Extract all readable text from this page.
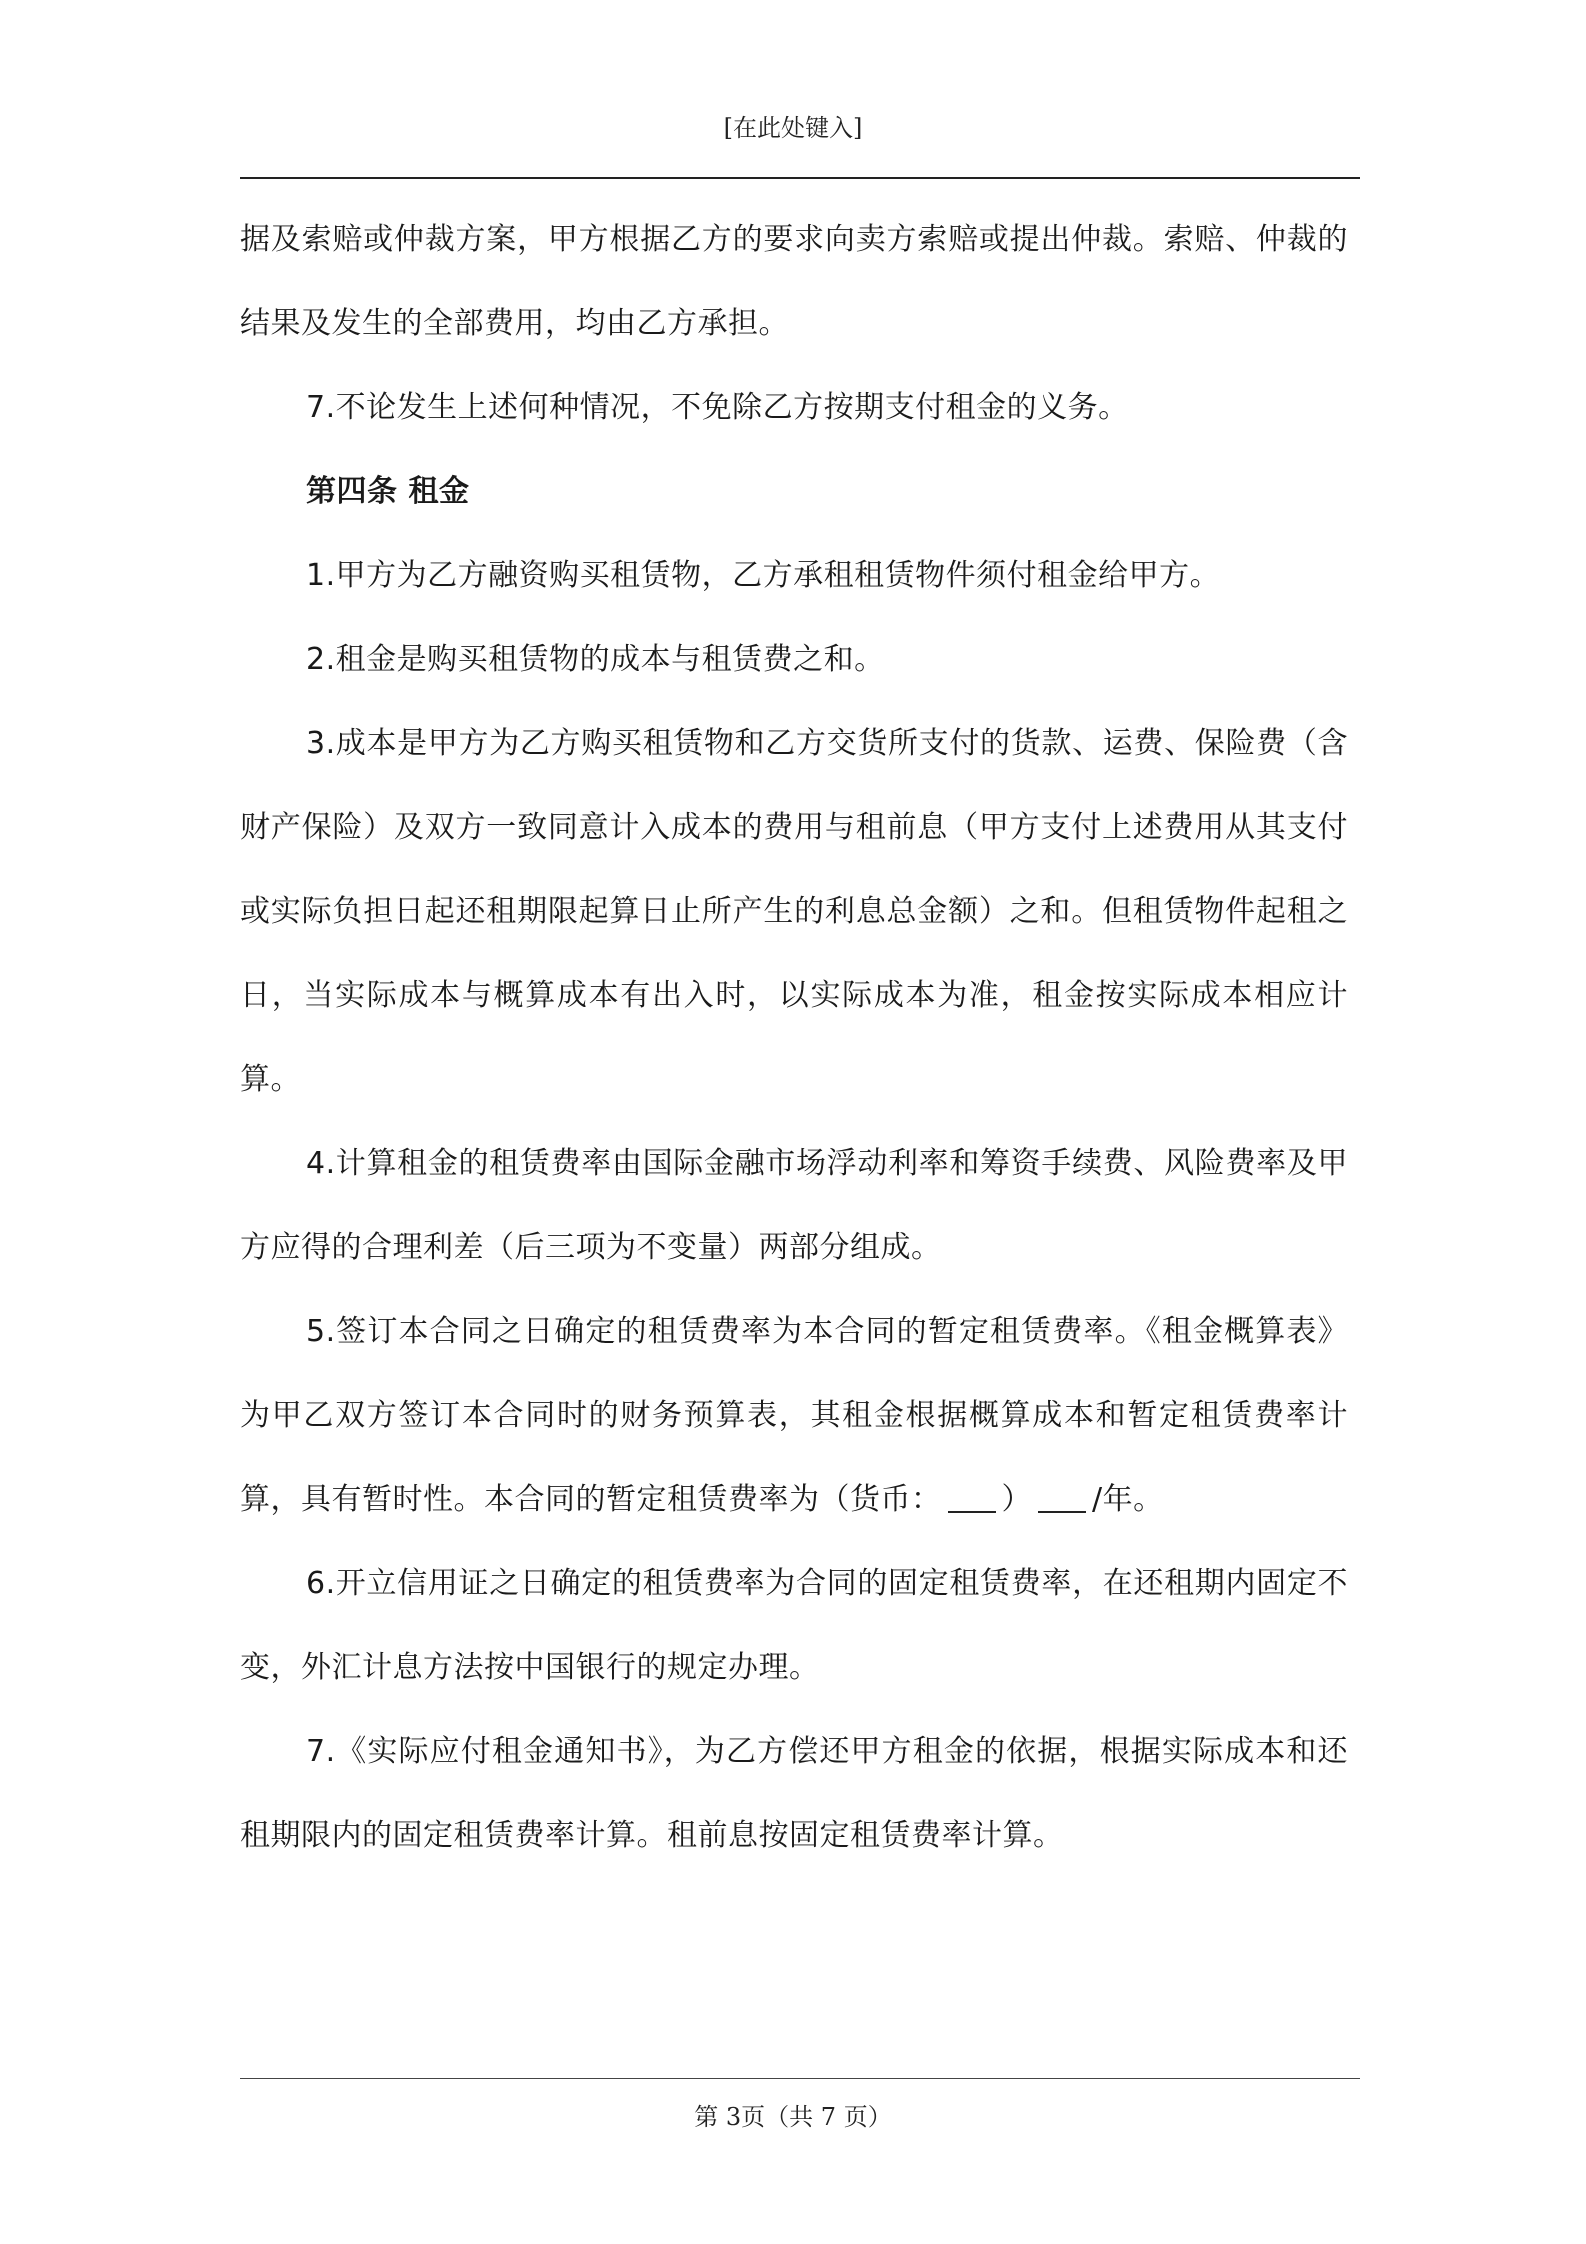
[在此处键入]

据及索赔或仲裁方案，甲方根据乙方的要求向卖方索赔或提出仲裁。索赔、仲裁的结果及发生的全部费用，均由乙方承担。

7.不论发生上述何种情况，不免除乙方按期支付租金的义务。

第四条 租金

1.甲方为乙方融资购买租赁物，乙方承租租赁物件须付租金给甲方。

2.租金是购买租赁物的成本与租赁费之和。

3.成本是甲方为乙方购买租赁物和乙方交货所支付的货款、运费、保险费（含财产保险）及双方一致同意计入成本的费用与租前息（甲方支付上述费用从其支付或实际负担日起还租期限起算日止所产生的利息总金额）之和。但租赁物件起租之日，当实际成本与概算成本有出入时，以实际成本为准，租金按实际成本相应计算。

4.计算租金的租赁费率由国际金融市场浮动利率和筹资手续费、风险费率及甲方应得的合理利差（后三项为不变量）两部分组成。

5.签订本合同之日确定的租赁费率为本合同的暂定租赁费率。《租金概算表》为甲乙双方签订本合同时的财务预算表，其租金根据概算成本和暂定租赁费率计算，具有暂时性。本合同的暂定租赁费率为（货币： ） /年。

6.开立信用证之日确定的租赁费率为合同的固定租赁费率，在还租期内固定不变，外汇计息方法按中国银行的规定办理。

7.《实际应付租金通知书》，为乙方偿还甲方租金的依据，根据实际成本和还租期限内的固定租赁费率计算。租前息按固定租赁费率计算。

第 3页（共 7 页）
